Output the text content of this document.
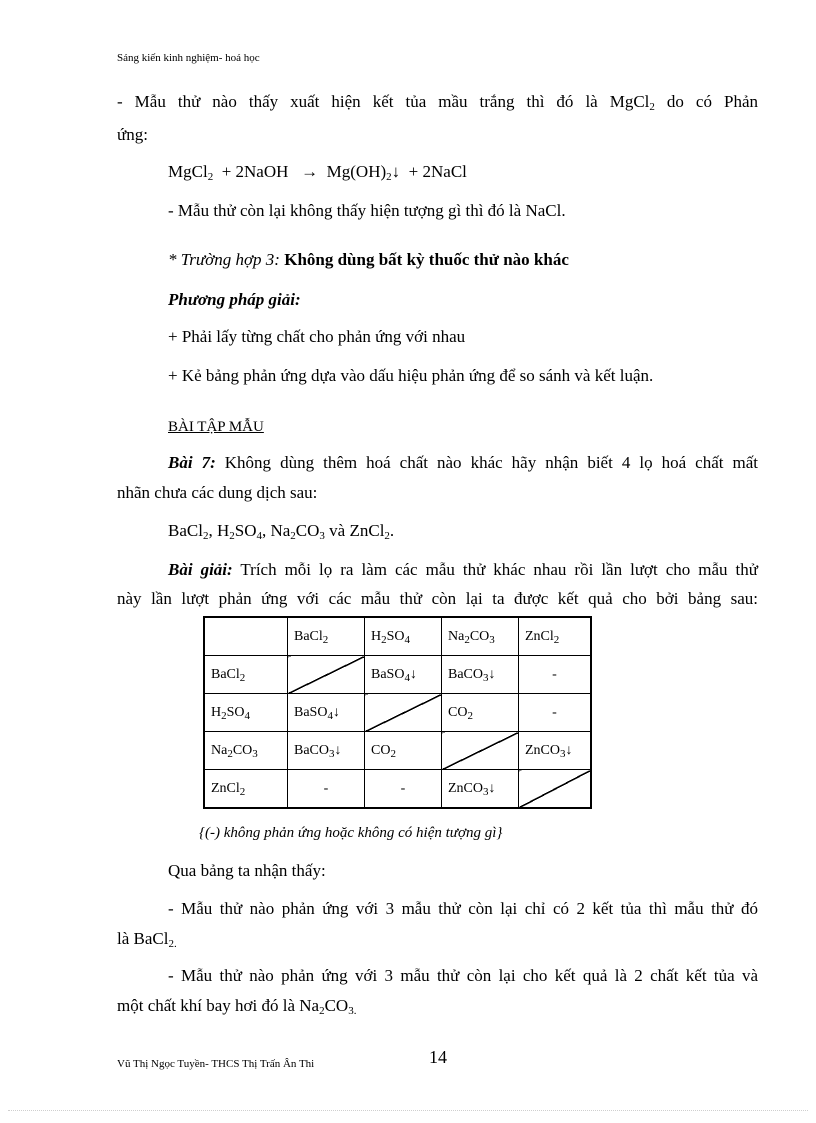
Sáng kiến kinh nghiệm- hoá học
- Mẫu thử nào thấy xuất hiện kết tủa mầu trắng thì đó là MgCl$_2$ do có Phản
ứng:
MgCl$_2$  + 2NaOH   →  $Mg(OH)_2↓$  + 2NaCl
- Mẫu thử còn lại không thấy hiện tượng gì thì đó là NaCl.
* Trường hợp 3: Không dùng bất kỳ thuốc thử nào khác
Phương pháp giải:
+ Phải lấy từng chất cho phản ứng với nhau
+ Kẻ bảng phản ứng dựa vào dấu hiệu phản ứng để so sánh và kết luận.
BÀI TẬP MẪU
Bài 7: Không dùng thêm hoá chất nào khác hãy nhận biết 4 lọ hoá chất mất
nhãn chưa các dung dịch sau:
BaCl$_2$, $H_2SO_4$, $Na_2CO_3$ và ZnCl$_2$.
Bài giải: Trích mỗi lọ ra làm các mẫu thử khác nhau rồi lần lượt cho mẫu thử
này lần lượt phản ứng với các mẫu thử còn lại ta được kết quả cho bởi bảng sau:
	BaCl$_2$	$H_2SO_4$	$Na_2CO_3$	ZnCl$_2$
BaCl$_2$		BaSO$_4$↓	BaCO$_3$↓	-
$H_2SO_4$	BaSO$_4$↓		$CO_2$	-
$Na_2CO_3$	BaCO$_3$↓	$CO_2$		ZnCO$_3$↓
ZnCl$_2$	-	-	ZnCO$_3$↓	
{(-) không phản ứng hoặc không có hiện tượng gì}
Qua bảng ta nhận thấy:
- Mẫu thử nào phản ứng với 3 mẫu thử còn lại chỉ có 2 kết tủa thì mẫu thử đó
là BaCl$_{2.}$
- Mẫu thử nào phản ứng với 3 mẫu thử còn lại cho kết quả là 2 chất kết tủa và
một chất khí bay hơi đó là $Na_2CO_{3.}$
14
Vũ Thị Ngọc Tuyền- THCS Thị Trấn Ân Thi
